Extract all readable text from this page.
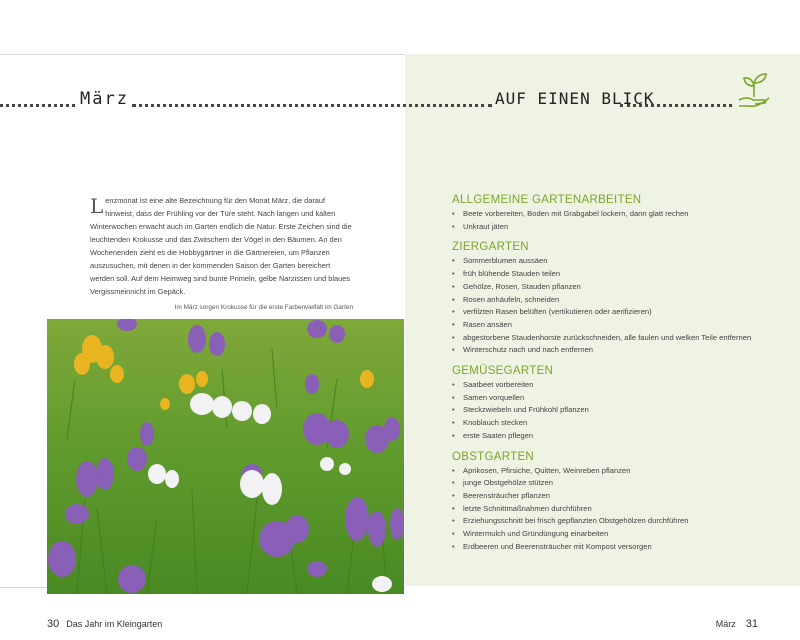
März	AUF EINEN BLICK
Lenzmonat ist eine alte Bezeichnung für den Monat März, die darauf hinweist, dass der Frühling vor der Türe steht. Nach langen und kalten Winterwochen erwacht auch im Garten endlich die Natur. Erste Zeichen sind die leuchtenden Krokusse und das Zwitschern der Vögel in den Bäumen. An den Wochenenden zieht es die Hobbygärtner in die Gärtnereien, um Pflanzen auszusuchen, mit denen in der kommenden Saison der Garten bereichert werden soll. Auf dem Heimweg sind bunte Primeln, gelbe Narzissen und blaues Vergissmeinnicht im Gepäck.
Im März sorgen Krokusse für die erste Farbenvielfalt im Garten
ALLGEMEINE GARTENARBEITEN
• Beete vorbereiten, Boden mit Grabgabel lockern, dann glatt rechen
• Unkraut jäten
ZIERGARTEN
• Sommerblumen aussäen
• früh blühende Stauden teilen
• Gehölze, Rosen, Stauden pflanzen
• Rosen anhäufeln, schneiden
• verfilzten Rasen belüften (vertikutieren oder aerifizieren)
• Rasen ansäen
• abgestorbene Staudenhorste zurückschneiden, alle faulen und welken Teile entfernen
• Winterschutz nach und nach entfernen
GEMÜSEGARTEN
• Saatbeet vorbereiten
• Samen vorquellen
• Steckzwiebeln und Frühkohl pflanzen
• Knoblauch stecken
• erste Saaten pflegen
OBSTGARTEN
• Aprikosen, Pfirsiche, Quitten, Weinreben pflanzen
• junge Obstgehölze stützen
• Beerensträucher pflanzen
• letzte Schnittmaßnahmen durchführen
• Erziehungsschnitt bei frisch gepflanzten Obstgehölzen durchführen
• Wintermulch und Gründüngung einarbeiten
• Erdbeeren und Beerensträucher mit Kompost versorgen
30 Das Jahr im Kleingarten	März 31
